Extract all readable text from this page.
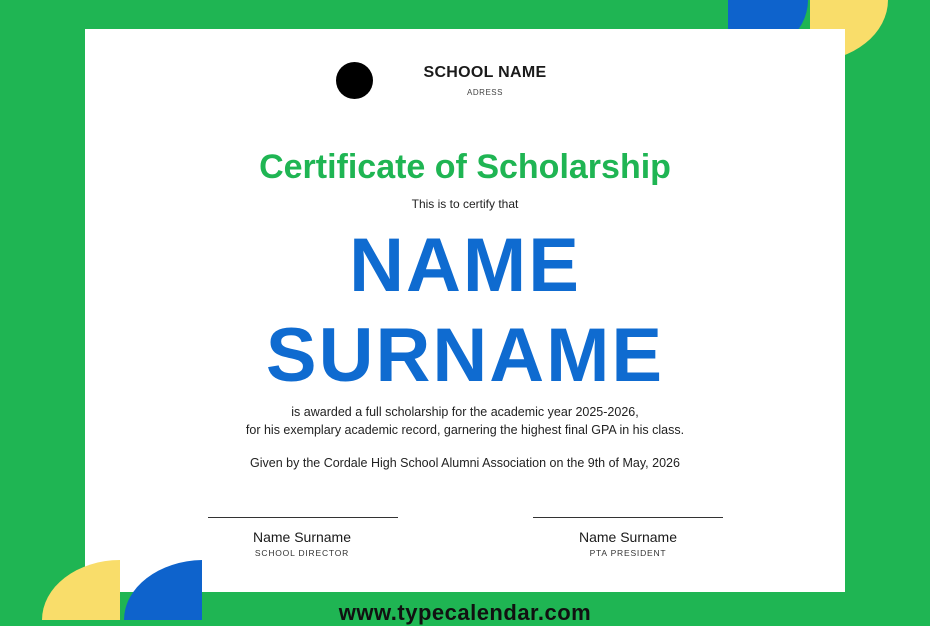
SCHOOL NAME
ADRESS
Certificate of Scholarship
This is to certify that
NAME
SURNAME
is awarded a full scholarship for the academic year 2025-2026,
for his exemplary academic record, garnering the highest final GPA in his class.
Given by the Cordale High School Alumni Association on the 9th of May, 2026
Name Surname
SCHOOL DIRECTOR
Name Surname
PTA PRESIDENT
www.typecalendar.com
